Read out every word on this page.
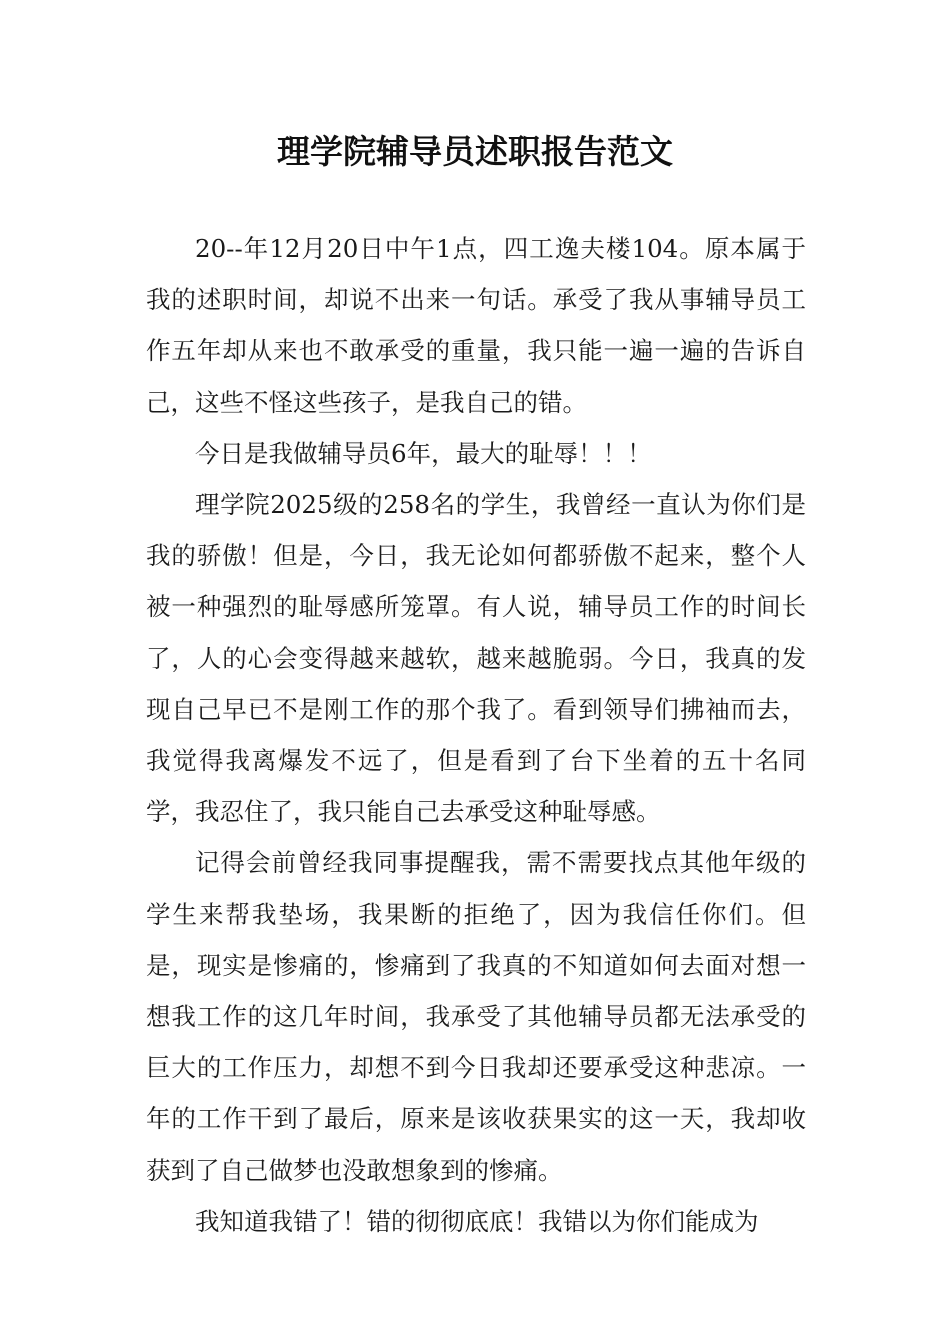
理学院辅导员述职报告范文

20--年12月20日中午1点，四工逸夫楼104。原本属于我的述职时间，却说不出来一句话。承受了我从事辅导员工作五年却从来也不敢承受的重量，我只能一遍一遍的告诉自己，这些不怪这些孩子，是我自己的错。

今日是我做辅导员6年，最大的耻辱！！！

理学院2025级的258名的学生，我曾经一直认为你们是我的骄傲！但是，今日，我无论如何都骄傲不起来，整个人被一种强烈的耻辱感所笼罩。有人说，辅导员工作的时间长了，人的心会变得越来越软，越来越脆弱。今日，我真的发现自己早已不是刚工作的那个我了。看到领导们拂袖而去，我觉得我离爆发不远了，但是看到了台下坐着的五十名同学，我忍住了，我只能自己去承受这种耻辱感。

记得会前曾经我同事提醒我，需不需要找点其他年级的学生来帮我垫场，我果断的拒绝了，因为我信任你们。但是，现实是惨痛的，惨痛到了我真的不知道如何去面对想一想我工作的这几年时间，我承受了其他辅导员都无法承受的巨大的工作压力，却想不到今日我却还要承受这种悲凉。一年的工作干到了最后，原来是该收获果实的这一天，我却收获到了自己做梦也没敢想象到的惨痛。

我知道我错了！错的彻彻底底！我错以为你们能成为
